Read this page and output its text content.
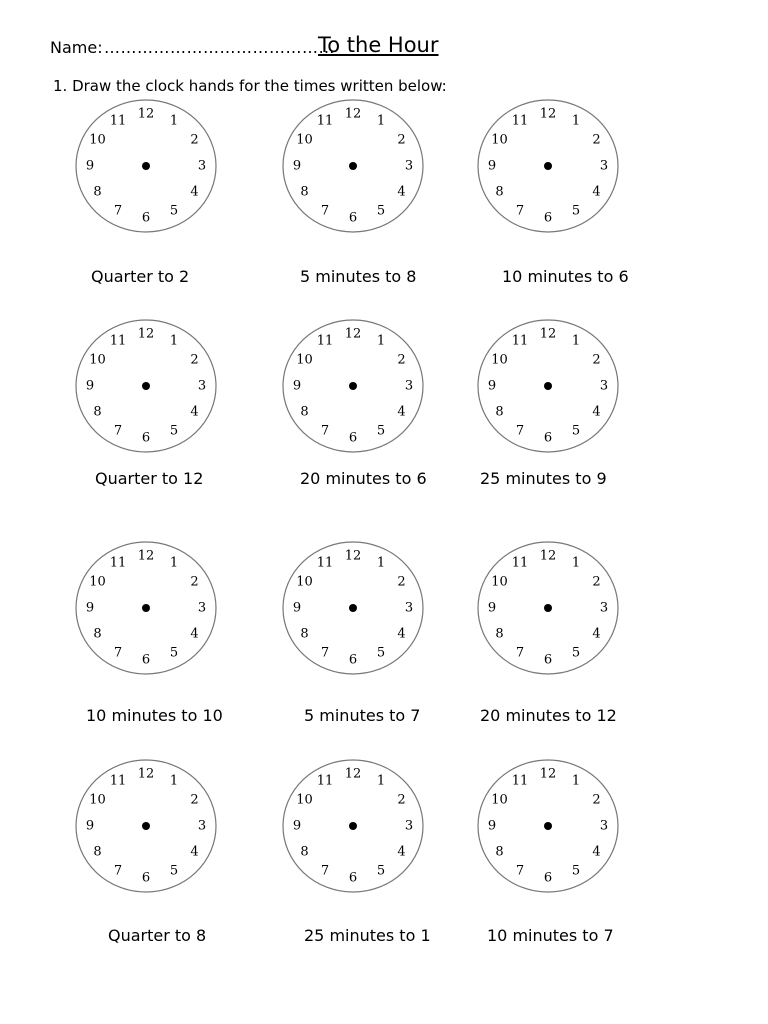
Name: ……………………………………
To the Hour
1. Draw the clock hands for the times written below:
12 1
2
3
4
5
6
7
8
9
10
11
Quarter to 2
12 1
2
3
4
5
6
7
8
9
10
11
5 minutes to 8
12 1
2
3
4
5
6
7
8
9
10
11
10 minutes to 6
12 1
2
3
4
5
6
7
8
9
10
11
Quarter to 12
12 1
2
3
4
5
6
7
8
9
10
11
20 minutes to 6
12 1
2
3
4
5
6
7
8
9
10
11
25 minutes to 9
12 1
2
3
4
5
6
7
8
9
10
11
10 minutes to 10
12 1
2
3
4
5
6
7
8
9
10
11
5 minutes to 7
12 1
2
3
4
5
6
7
8
9
10
11
20 minutes to 12
12 1
2
3
4
5
6
7
8
9
10
11
Quarter to 8
12 1
2
3
4
5
6
7
8
9
10
11
25 minutes to 1
12 1
2
3
4
5
6
7
8
9
10
11
10 minutes to 7
